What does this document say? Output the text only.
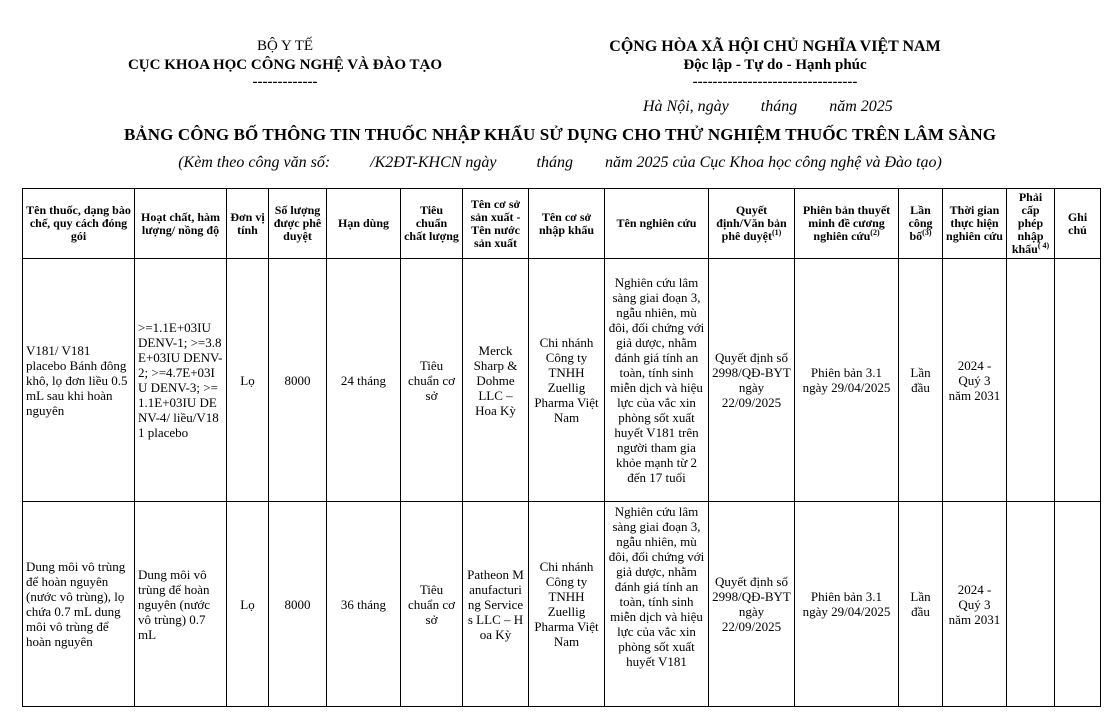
BỘ Y TẾ
CỤC KHOA HỌC CÔNG NGHỆ VÀ ĐÀO TẠO
-------------
CỘNG HÒA XÃ HỘI CHỦ NGHĨA VIỆT NAM
Độc lập - Tự do - Hạnh phúc
---------------------------------
Hà Nội, ngày        tháng        năm 2025
BẢNG CÔNG BỐ THÔNG TIN THUỐC NHẬP KHẨU SỬ DỤNG CHO THỬ NGHIỆM THUỐC TRÊN LÂM SÀNG
(Kèm theo công văn số:          /K2ĐT-KHCN ngày          tháng        năm 2025 của Cục Khoa học công nghệ và Đào tạo)
Tên thuốc, dạng bào chế, quy cách đóng gói	Hoạt chất, hàm lượng/ nồng độ	Đơn vị tính	Số lượng được phê duyệt	Hạn dùng	Tiêu chuẩn chất lượng	Tên cơ sở sản xuất - Tên nước sản xuất	Tên cơ sở nhập khẩu	Tên nghiên cứu	Quyết định/Văn bản phê duyệt$^{(1)}$	Phiên bản thuyết minh đề cương nghiên cứu$^{(2)}$	Lần công bố$^{(3)}$	Thời gian thực hiện nghiên cứu	Phải cấp phép nhập khẩu$^{( 4)}$	Ghi chú
V181/ V181 placebo Bánh đông khô, lọ đơn liều 0.5 mL sau khi hoàn nguyên	>=1.1E+03IU DENV-1; >=3.8E+03IU DENV-2; >=4.7E+03IU DENV-3; >=1.1E+03IU DENV-4/ liều/V181 placebo	Lọ	8000	24 tháng	Tiêu chuẩn cơ sở	Merck Sharp & Dohme LLC – Hoa Kỳ	Chi nhánh Công ty TNHH Zuellig Pharma Việt Nam	Nghiên cứu lâm sàng giai đoạn 3, ngẫu nhiên, mù đôi, đối chứng với giả dược, nhằm đánh giá tính an toàn, tính sinh miễn dịch và hiệu lực của vắc xin phòng sốt xuất huyết V181 trên người tham gia khỏe mạnh từ 2 đến 17 tuổi	Quyết định số 2998/QĐ-BYT ngày 22/09/2025	Phiên bản 3.1 ngày 29/04/2025	Lần đầu	2024 - Quý 3 năm 2031		
Dung môi vô trùng để hoàn nguyên (nước vô trùng), lọ chứa 0.7 mL dung môi vô trùng để hoàn nguyên	Dung môi vô trùng để hoàn nguyên (nước vô trùng) 0.7 mL	Lọ	8000	36 tháng	Tiêu chuẩn cơ sở	Patheon Manufacturing Services LLC – Hoa Kỳ	Chi nhánh Công ty TNHH Zuellig Pharma Việt Nam	Nghiên cứu lâm sàng giai đoạn 3, ngẫu nhiên, mù đôi, đối chứng với giả dược, nhằm đánh giá tính an toàn, tính sinh miễn dịch và hiệu lực của vắc xin phòng sốt xuất huyết V181	Quyết định số 2998/QĐ-BYT ngày 22/09/2025	Phiên bản 3.1 ngày 29/04/2025	Lần đầu	2024 - Quý 3 năm 2031		
